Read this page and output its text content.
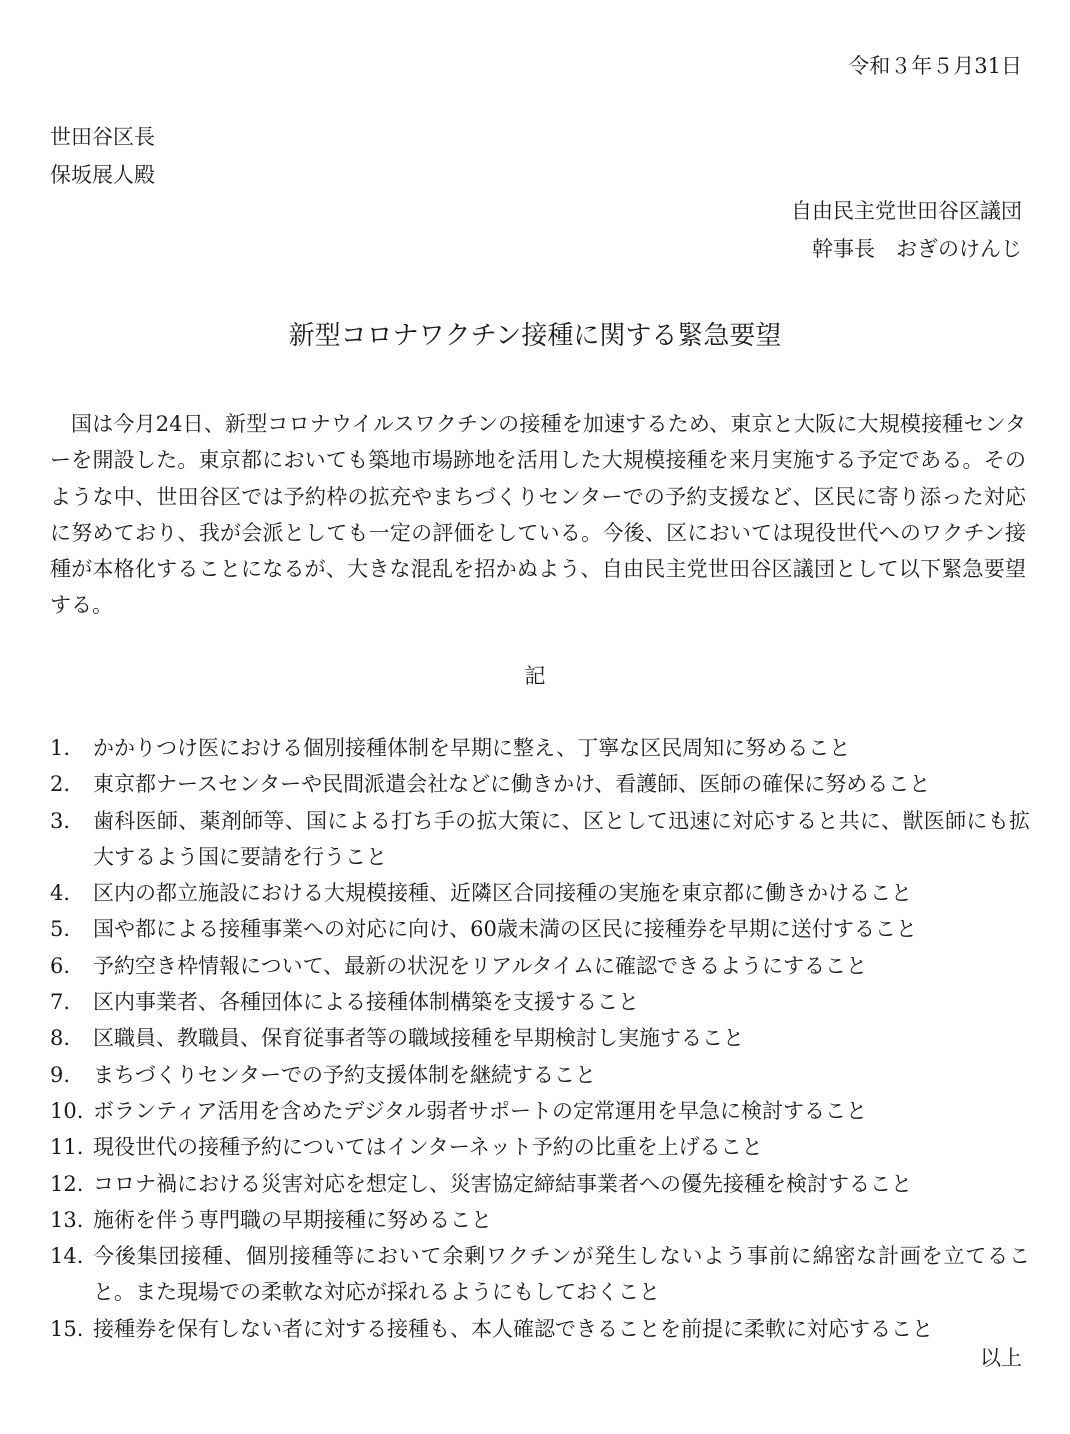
令和３年５月31日
世田谷区長
保坂展人殿
自由民主党世田谷区議団
幹事長　おぎのけんじ
新型コロナワクチン接種に関する緊急要望

国は今月24日、新型コロナウイルスワクチンの接種を加速するため、東京と大阪に大規模接種センターを開設した。東京都においても築地市場跡地を活用した大規模接種を来月実施する予定である。そのような中、世田谷区では予約枠の拡充やまちづくりセンターでの予約支援など、区民に寄り添った対応に努めており、我が会派としても一定の評価をしている。今後、区においては現役世代へのワクチン接種が本格化することになるが、大きな混乱を招かぬよう、自由民主党世田谷区議団として以下緊急要望する。

記
1.	かかりつけ医における個別接種体制を早期に整え、丁寧な区民周知に努めること
2.	東京都ナースセンターや民間派遣会社などに働きかけ、看護師、医師の確保に努めること
3.	歯科医師、薬剤師等、国による打ち手の拡大策に、区として迅速に対応すると共に、獣医師にも拡大するよう国に要請を行うこと
4.	区内の都立施設における大規模接種、近隣区合同接種の実施を東京都に働きかけること
5.	国や都による接種事業への対応に向け、60歳未満の区民に接種券を早期に送付すること
6.	予約空き枠情報について、最新の状況をリアルタイムに確認できるようにすること
7.	区内事業者、各種団体による接種体制構築を支援すること
8.	区職員、教職員、保育従事者等の職域接種を早期検討し実施すること
9.	まちづくりセンターでの予約支援体制を継続すること
10. ボランティア活用を含めたデジタル弱者サポートの定常運用を早急に検討すること
11. 現役世代の接種予約についてはインターネット予約の比重を上げること
12. コロナ禍における災害対応を想定し、災害協定締結事業者への優先接種を検討すること
13. 施術を伴う専門職の早期接種に努めること
14. 今後集団接種、個別接種等において余剰ワクチンが発生しないよう事前に綿密な計画を立てること。また現場での柔軟な対応が採れるようにもしておくこと
15. 接種券を保有しない者に対する接種も、本人確認できることを前提に柔軟に対応すること
以上
